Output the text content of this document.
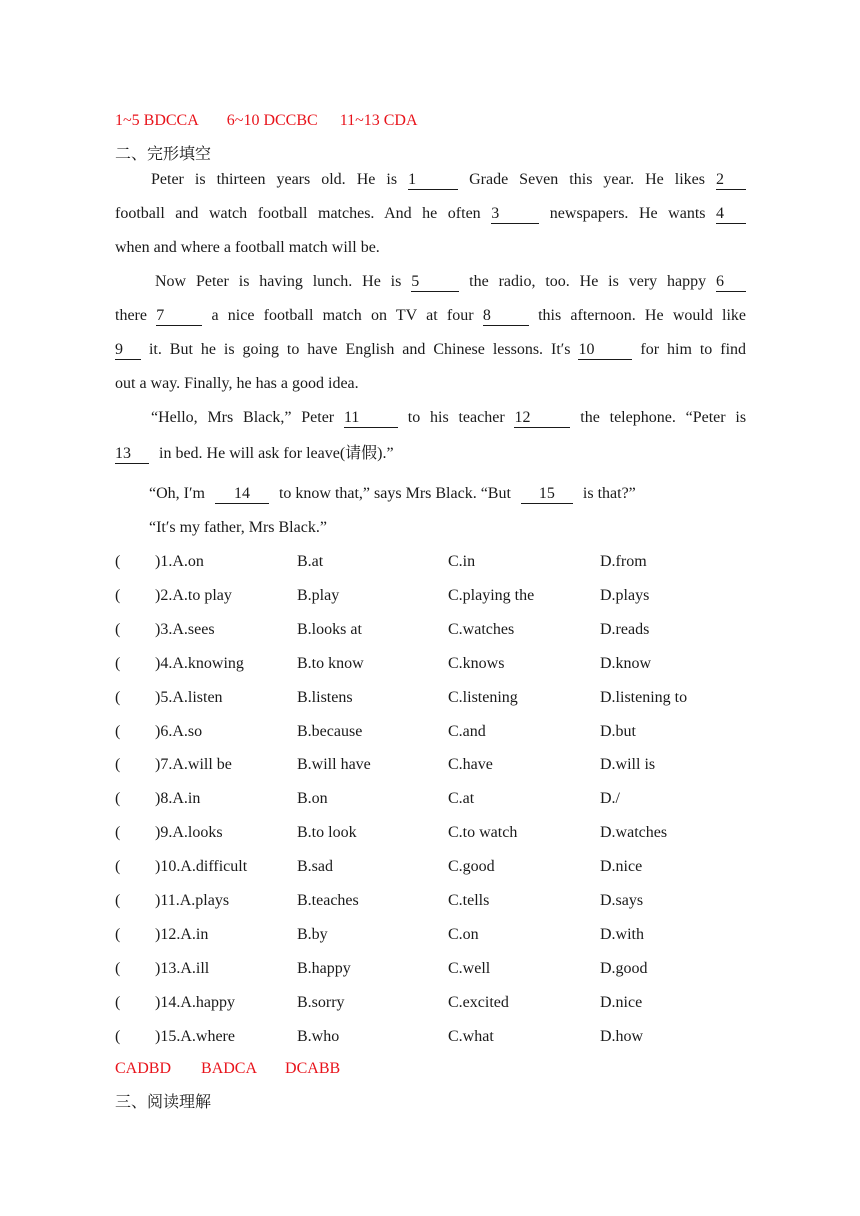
1~5 BDCCA 6~10 DCCBC 11~13 CDA
二、完形填空
Peter is thirteen years old. He is 1	Grade Seven this year. He likes 2
football and watch football matches. And he often 3	newspapers. He wants 4
when and where a football match will be.
Now Peter is having lunch. He is 5	the radio, too. He is very happy 6
there 7	a nice football match on TV at four 8	this afternoon. He would like
9 it. But he is going to have English and Chinese lessons. It′s 10	for him to find
out a way. Finally, he has a good idea.
“Hello, Mrs Black,” Peter 11	to his teacher 12	the telephone. “Peter is
13 in bed. He will ask for leave(请假).”
“Oh, I′m 14 to know that,” says Mrs Black. “But 15 is that?”
“It′s my father, Mrs Black.”
( )1.A.on	B.at	C.in	D.from
( )2.A.to play	B.play	C.playing the	D.plays
( )3.A.sees	B.looks at	C.watches	D.reads
( )4.A.knowing	B.to know	C.knows	D.know
( )5.A.listen	B.listens	C.listening	D.listening to
( )6.A.so	B.because	C.and	D.but
( )7.A.will be	B.will have	C.have	D.will is
( )8.A.in	B.on	C.at	D./
( )9.A.looks	B.to look	C.to watch	D.watches
( )10.A.difficult	B.sad	C.good	D.nice
( )11.A.plays	B.teaches	C.tells	D.says
( )12.A.in	B.by	C.on	D.with
( )13.A.ill	B.happy	C.well	D.good
( )14.A.happy	B.sorry	C.excited	D.nice
( )15.A.where	B.who	C.what	D.how
CADBD BADCA DCABB
三、阅读理解
